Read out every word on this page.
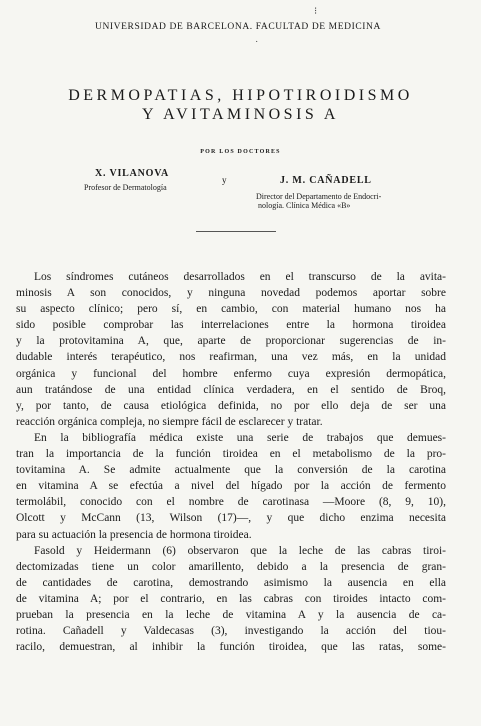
UNIVERSIDAD DE BARCELONA. FACULTAD DE MEDICINA
⁝
˙
DERMOPATIAS, HIPOTIROIDISMO
Y AVITAMINOSIS A
POR LOS DOCTORES
X. VILANOVA
Profesor de Dermatología
y	J. M. CAÑADELL
Director del Departamento de Endocri-
nología. Clínica Médica «B»
Los síndromes cutáneos desarrollados en el transcurso de la avita-
minosis A son conocidos, y ninguna novedad podemos aportar sobre
su aspecto clínico; pero sí, en cambio, con material humano nos ha
sido posible comprobar las interrelaciones entre la hormona tiroidea
y la protovitamina A, que, aparte de proporcionar sugerencias de in-
dudable interés terapéutico, nos reafirman, una vez más, en la unidad
orgánica y funcional del hombre enfermo cuya expresión dermopática,
aun tratándose de una entidad clínica verdadera, en el sentido de Broq,
y, por tanto, de causa etiológica definida, no por ello deja de ser una
reacción orgánica compleja, no siempre fácil de esclarecer y tratar.
En la bibliografía médica existe una serie de trabajos que demues-
tran la importancia de la función tiroidea en el metabolismo de la pro-
tovitamina A. Se admite actualmente que la conversión de la carotina
en vitamina A se efectúa a nivel del hígado por la acción de fermento
termolábil, conocido con el nombre de carotinasa —Moore (8, 9, 10),
Olcott y McCann (13, Wilson (17)—, y que dicho enzima necesita
para su actuación la presencia de hormona tiroidea.
Fasold y Heidermann (6) observaron que la leche de las cabras tiroi-
dectomizadas tiene un color amarillento, debido a la presencia de gran-
de cantidades de carotina, demostrando asimismo la ausencia en ella
de vitamina A; por el contrario, en las cabras con tiroides intacto com-
prueban la presencia en la leche de vitamina A y la ausencia de ca-
rotina. Cañadell y Valdecasas (3), investigando la acción del tiou-
racilo, demuestran, al inhibir la función tiroidea, que las ratas, some-
